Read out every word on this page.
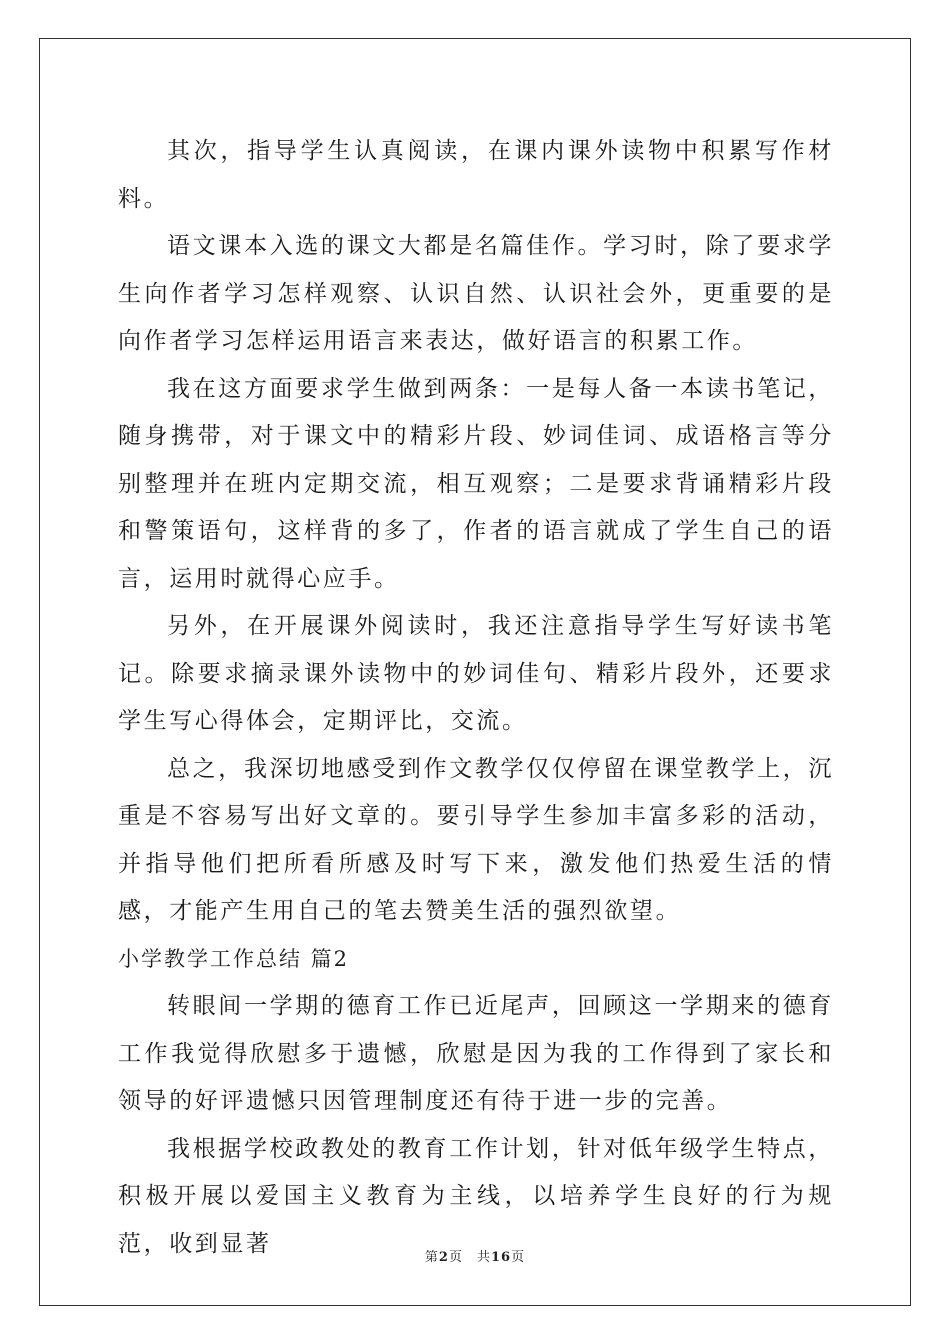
其次，指导学生认真阅读，在课内课外读物中积累写作材料。

语文课本入选的课文大都是名篇佳作。学习时，除了要求学生向作者学习怎样观察、认识自然、认识社会外，更重要的是向作者学习怎样运用语言来表达，做好语言的积累工作。

我在这方面要求学生做到两条：一是每人备一本读书笔记，随身携带，对于课文中的精彩片段、妙词佳词、成语格言等分别整理并在班内定期交流，相互观察；二是要求背诵精彩片段和警策语句，这样背的多了，作者的语言就成了学生自己的语言，运用时就得心应手。

另外，在开展课外阅读时，我还注意指导学生写好读书笔记。除要求摘录课外读物中的妙词佳句、精彩片段外，还要求学生写心得体会，定期评比，交流。

总之，我深切地感受到作文教学仅仅停留在课堂教学上，沉重是不容易写出好文章的。要引导学生参加丰富多彩的活动，并指导他们把所看所感及时写下来，激发他们热爱生活的情感，才能产生用自己的笔去赞美生活的强烈欲望。

小学教学工作总结 篇2

转眼间一学期的德育工作已近尾声，回顾这一学期来的德育工作我觉得欣慰多于遗憾，欣慰是因为我的工作得到了家长和领导的好评遗憾只因管理制度还有待于进一步的完善。

我根据学校政教处的教育工作计划，针对低年级学生特点，积极开展以爱国主义教育为主线，以培养学生良好的行为规范，收到显著

第2页 共16页
